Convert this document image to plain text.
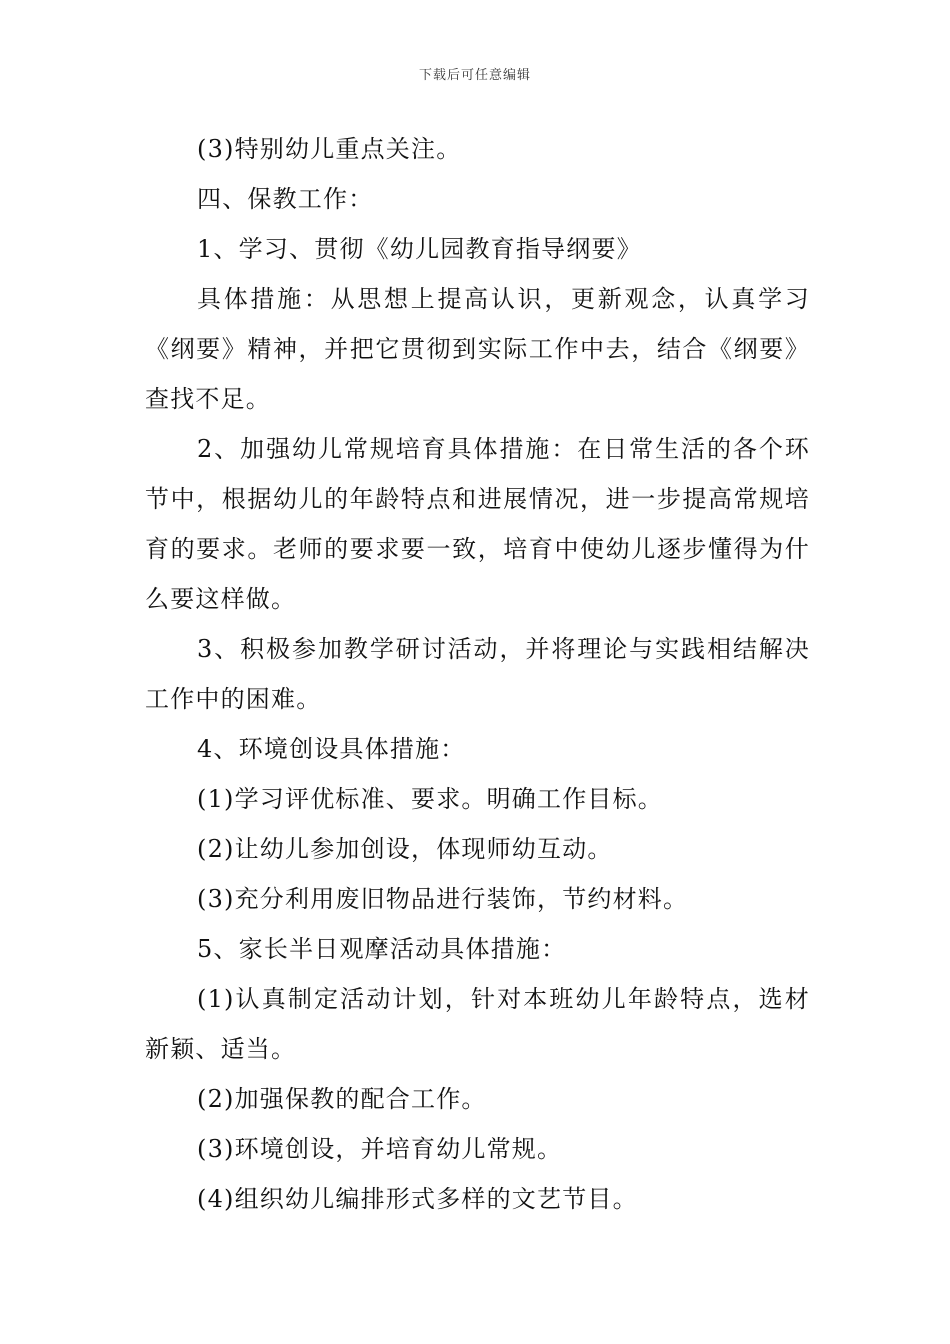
下载后可任意编辑

(3)特别幼儿重点关注。

四、保教工作：

1、学习、贯彻《幼儿园教育指导纲要》

具体措施：从思想上提高认识，更新观念，认真学习《纲要》精神，并把它贯彻到实际工作中去，结合《纲要》查找不足。

2、加强幼儿常规培育具体措施：在日常生活的各个环节中，根据幼儿的年龄特点和进展情况，进一步提高常规培育的要求。老师的要求要一致，培育中使幼儿逐步懂得为什么要这样做。

3、积极参加教学研讨活动，并将理论与实践相结解决工作中的困难。

4、环境创设具体措施：

(1)学习评优标准、要求。明确工作目标。

(2)让幼儿参加创设，体现师幼互动。

(3)充分利用废旧物品进行装饰，节约材料。

5、家长半日观摩活动具体措施：

(1)认真制定活动计划，针对本班幼儿年龄特点，选材新颖、适当。

(2)加强保教的配合工作。

(3)环境创设，并培育幼儿常规。

(4)组织幼儿编排形式多样的文艺节目。
